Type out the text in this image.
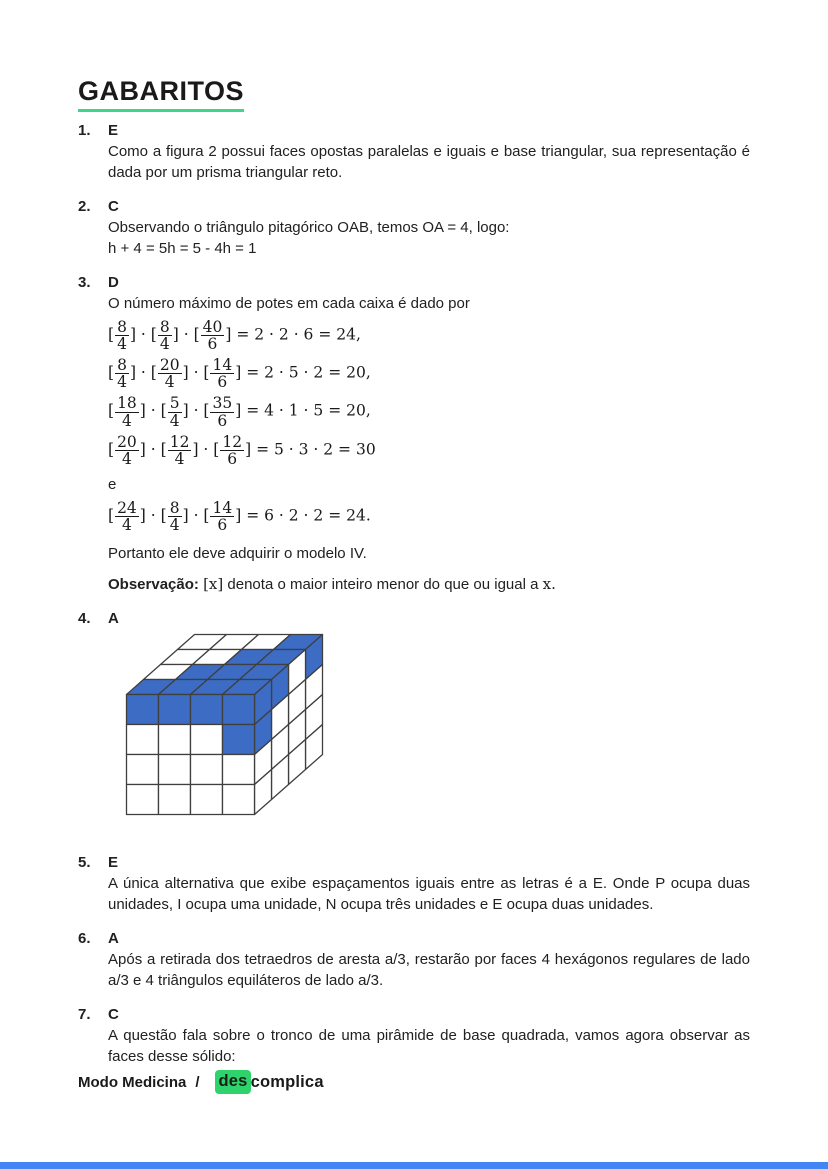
GABARITOS
1.	E

Como a figura 2 possui faces opostas paralelas e iguais e base triangular, sua representação é dada por um prisma triangular reto.

2.	C

Observando o triângulo pitagórico OAB, temos OA = 4, logo:

h + 4 = 5h = 5 - 4h = 1

3.	D

O número máximo de potes em cada caixa é dado por

[ $\frac{8}{4}$ ] · [ $\frac{8}{4}$ ] · [ $\frac{40}{6}$ ] = 2 · 2 · 6 = 24,
[ $\frac{8}{4}$ ] · [ $\frac{20}{4}$ ] · [ $\frac{14}{6}$ ] = 2 · 5 · 2 = 20,
[ $\frac{18}{4}$ ] · [ $\frac{5}{4}$ ] · [ $\frac{35}{6}$ ] = 4 · 1 · 5 = 20,
[ $\frac{20}{4}$ ] · [ $\frac{12}{4}$ ] · [ $\frac{12}{6}$ ] = 5 · 3 · 2 = 30

e

[ $\frac{24}{4}$ ] · [ $\frac{8}{4}$ ] · [ $\frac{14}{6}$ ] = 6 · 2 · 2 = 24.

Portanto ele deve adquirir o modelo IV.

Observação: [x] denota o maior inteiro menor do que ou igual a x.

4.	A
5.	E

A única alternativa que exibe espaçamentos iguais entre as letras é a E. Onde P ocupa duas unidades, I ocupa uma unidade, N ocupa três unidades e E ocupa duas unidades.

6.	A

Após a retirada dos tetraedros de aresta a/3, restarão por faces 4 hexágonos regulares de lado a/3 e 4 triângulos equiláteros de lado a/3.

7.	C

A questão fala sobre o tronco de uma pirâmide de base quadrada, vamos agora observar as faces desse sólido:

Modo Medicina / des complica
